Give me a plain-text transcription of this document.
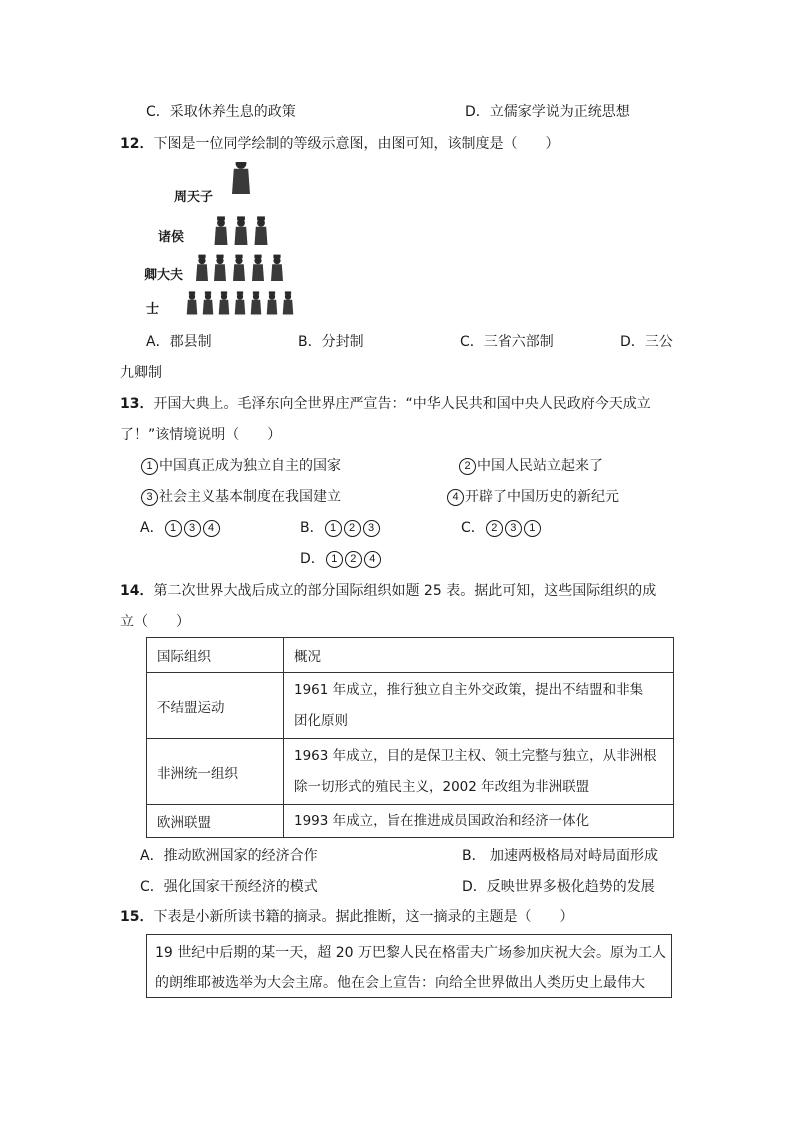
C．采取休养生息的政策	D．立儒家学说为正统思想
12．下图是一位同学绘制的等级示意图，由图可知，该制度是（　　）
周天子
诸侯
卿大夫
士
A．郡县制	B．分封制	C．三省六部制	D．三公
九卿制
13．开国大典上。毛泽东向全世界庄严宣告：“中华人民共和国中央人民政府今天成立
了！”该情境说明（　　）
1 中国真正成为独立自主的国家	2 中国人民站立起来了
3 社会主义基本制度在我国建立	4 开辟了中国历史的新纪元
A． 1 3 4	B． 1 2 3	C． 2 3 1
D． 1 2 4
14．第二次世界大战后成立的部分国际组织如题 25 表。据此可知，这些国际组织的成
立（　　）
国际组织	概况
不结盟运动	1961 年成立，推行独立自主外交政策，提出不结盟和非集
团化原则

非洲统一组织	1963 年成立，目的是保卫主权、领土完整与独立，从非洲根
除一切形式的殖民主义，2002 年改组为非洲联盟

欧洲联盟	1993 年成立，旨在推进成员国政治和经济一体化
A．推动欧洲国家的经济合作	B． 加速两极格局对峙局面形成
C．强化国家干预经济的模式	D．反映世界多极化趋势的发展
15．下表是小新所读书籍的摘录。据此推断，这一摘录的主题是（　　）
19 世纪中后期的某一天，超 20 万巴黎人民在格雷夫广场参加庆祝大会。原为工人
的朗维耶被选举为大会主席。他在会上宣告：向给全世界做出人类历史上最伟大
